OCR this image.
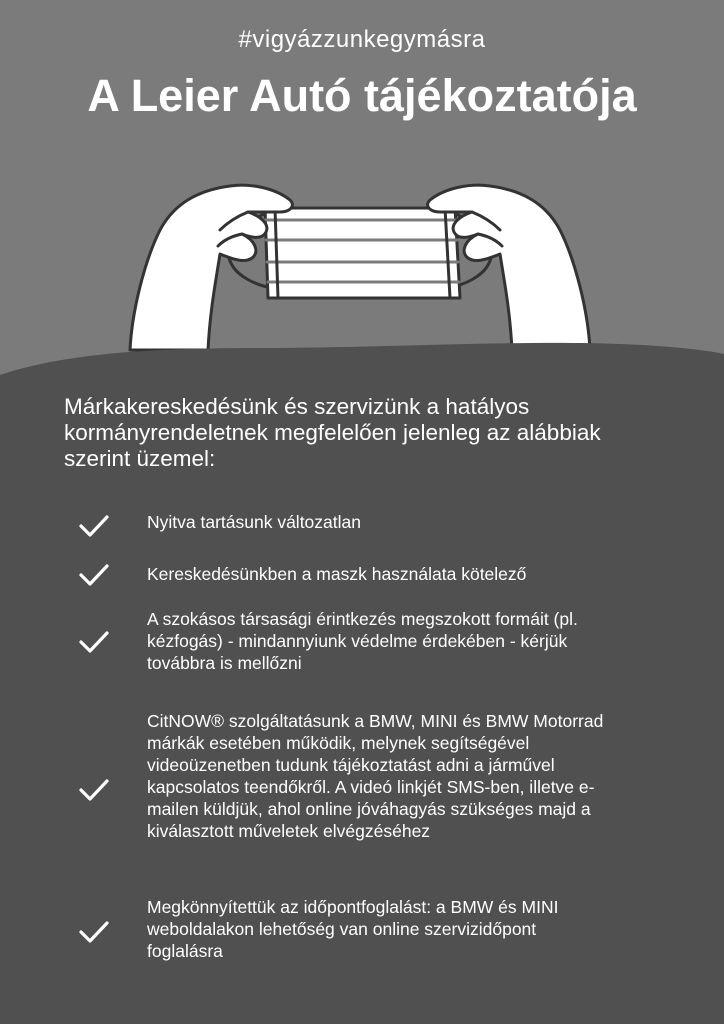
#vigyázzunkegymásra
A Leier Autó tájékoztatója

Márkakereskedésünk és szervizünk a hatályos kormányrendeletnek megfelelően jelenleg az alábbiak szerint üzemel:

Nyitva tartásunk változatlan

Kereskedésünkben a maszk használata kötelező

A szokásos társasági érintkezés megszokott formáit (pl. kézfogás) - mindannyiunk védelme érdekében - kérjük továbbra is mellőzni

CitNOW® szolgáltatásunk a BMW, MINI és BMW Motorrad márkák esetében működik, melynek segítségével videoüzenetben tudunk tájékoztatást adni a járművel kapcsolatos teendőkről. A videó linkjét SMS-ben, illetve e-mailen küldjük, ahol online jóváhagyás szükséges majd a kiválasztott műveletek elvégzéséhez

Megkönnyítettük az időpontfoglalást: a BMW és MINI weboldalakon lehetőség van online szervizidőpont foglalásra
